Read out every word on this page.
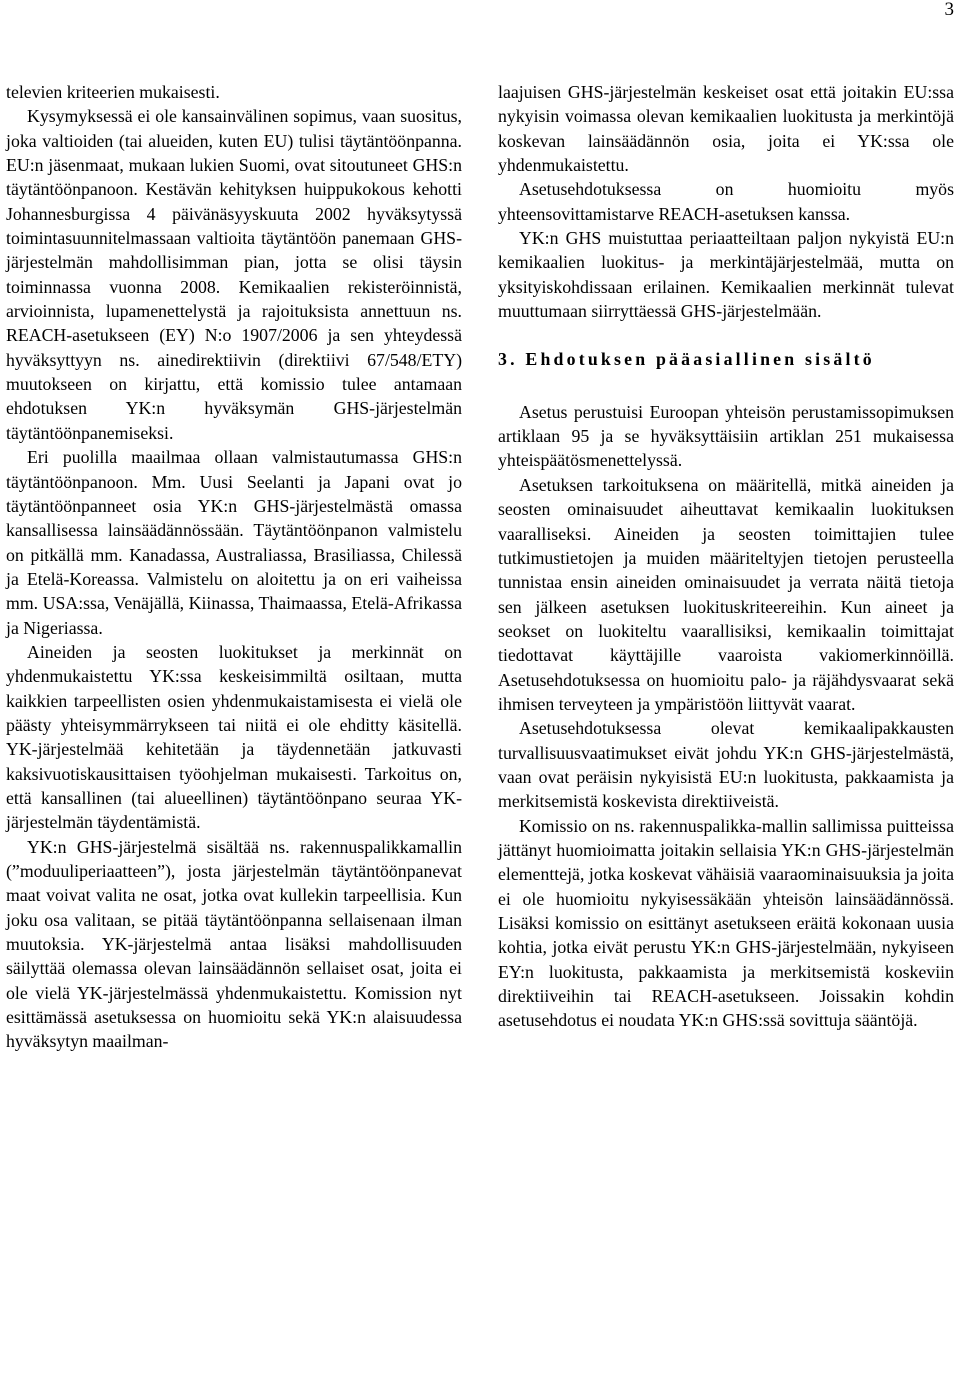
3

televien kriteerien mukaisesti.

Kysymyksessä ei ole kansainvälinen sopimus, vaan suositus, joka valtioiden (tai alueiden, kuten EU) tulisi täytäntöönpanna. EU:n jäsenmaat, mukaan lukien Suomi, ovat sitoutuneet GHS:n täytäntöönpanoon. Kestävän kehityksen huippukokous kehotti Johannesburgissa 4 päivänäsyyskuuta 2002 hyväksytyssä toimintasuunnitelmassaan valtioita täytäntöön panemaan GHS-järjestelmän mahdollisimman pian, jotta se olisi täysin toiminnassa vuonna 2008. Kemikaalien rekisteröinnistä, arvioinnista, lupamenettelystä ja rajoituksista annettuun ns. REACH-asetukseen (EY) N:o 1907/2006 ja sen yhteydessä hyväksyttyyn ns. ainedirektiivin (direktiivi 67/548/ETY) muutokseen on kirjattu, että komissio tulee antamaan ehdotuksen YK:n hyväksymän GHS-järjestelmän täytäntöönpanemiseksi.

Eri puolilla maailmaa ollaan valmistautumassa GHS:n täytäntöönpanoon. Mm. Uusi Seelanti ja Japani ovat jo täytäntöönpanneet osia YK:n GHS-järjestelmästä omassa kansallisessa lainsäädännössään. Täytäntöönpanon valmistelu on pitkällä mm. Kanadassa, Australiassa, Brasiliassa, Chilessä ja Etelä-Koreassa. Valmistelu on aloitettu ja on eri vaiheissa mm. USA:ssa, Venäjällä, Kiinassa, Thaimaassa, Etelä-Afrikassa ja Nigeriassa.

Aineiden ja seosten luokitukset ja merkinnät on yhdenmukaistettu YK:ssa keskeisimmiltä osiltaan, mutta kaikkien tarpeellisten osien yhdenmukaistamisesta ei vielä ole päästy yhteisymmärrykseen tai niitä ei ole ehditty käsitellä. YK-järjestelmää kehitetään ja täydennetään jatkuvasti kaksivuotiskausittaisen työohjelman mukaisesti. Tarkoitus on, että kansallinen (tai alueellinen) täytäntöönpano seuraa YK-järjestelmän täydentämistä.

YK:n GHS-järjestelmä sisältää ns. rakennuspalikkamallin (”moduuliperiaatteen”), josta järjestelmän täytäntöönpanevat maat voivat valita ne osat, jotka ovat kullekin tarpeellisia. Kun joku osa valitaan, se pitää täytäntöönpanna sellaisenaan ilman muutoksia. YK-järjestelmä antaa lisäksi mahdollisuuden säilyttää olemassa olevan lainsäädännön sellaiset osat, joita ei ole vielä YK-järjestelmässä yhdenmukaistettu. Komission nyt esittämässä asetuksessa on huomioitu sekä YK:n alaisuudessa hyväksytyn maailman-

laajuisen GHS-järjestelmän keskeiset osat että joitakin EU:ssa nykyisin voimassa olevan kemikaalien luokitusta ja merkintöjä koskevan lainsäädännön osia, joita ei YK:ssa ole yhdenmukaistettu.

Asetusehdotuksessa on huomioitu myös yhteensovittamistarve REACH-asetuksen kanssa.

YK:n GHS muistuttaa periaatteiltaan paljon nykyistä EU:n kemikaalien luokitus- ja merkintäjärjestelmää, mutta on yksityiskohdissaan erilainen. Kemikaalien merkinnät tulevat muuttumaan siirryttäessä GHS-järjestelmään.

3. Ehdotuksen pääasiallinen sisältö

Asetus perustuisi Euroopan yhteisön perustamissopimuksen artiklaan 95 ja se hyväksyttäisiin artiklan 251 mukaisessa yhteispäätösmenettelyssä.

Asetuksen tarkoituksena on määritellä, mitkä aineiden ja seosten ominaisuudet aiheuttavat kemikaalin luokituksen vaaralliseksi. Aineiden ja seosten toimittajien tulee tutkimustietojen ja muiden määriteltyjen tietojen perusteella tunnistaa ensin aineiden ominaisuudet ja verrata näitä tietoja sen jälkeen asetuksen luokituskriteereihin. Kun aineet ja seokset on luokiteltu vaarallisiksi, kemikaalin toimittajat tiedottavat käyttäjille vaaroista vakiomerkinnöillä. Asetusehdotuksessa on huomioitu palo- ja räjähdysvaarat sekä ihmisen terveyteen ja ympäristöön liittyvät vaarat.

Asetusehdotuksessa olevat kemikaalipakkausten turvallisuusvaatimukset eivät johdu YK:n GHS-järjestelmästä, vaan ovat peräisin nykyisistä EU:n luokitusta, pakkaamista ja merkitsemistä koskevista direktiiveistä.

Komissio on ns. rakennuspalikka-mallin sallimissa puitteissa jättänyt huomioimatta joitakin sellaisia YK:n GHS-järjestelmän elementtejä, jotka koskevat vähäisiä vaaraominaisuuksia ja joita ei ole huomioitu nykyisessäkään yhteisön lainsäädännössä. Lisäksi komissio on esittänyt asetukseen eräitä kokonaan uusia kohtia, jotka eivät perustu YK:n GHS-järjestelmään, nykyiseen EY:n luokitusta, pakkaamista ja merkitsemistä koskeviin direktiiveihin tai REACH-asetukseen. Joissakin kohdin asetusehdotus ei noudata YK:n GHS:ssä sovittuja sääntöjä.
